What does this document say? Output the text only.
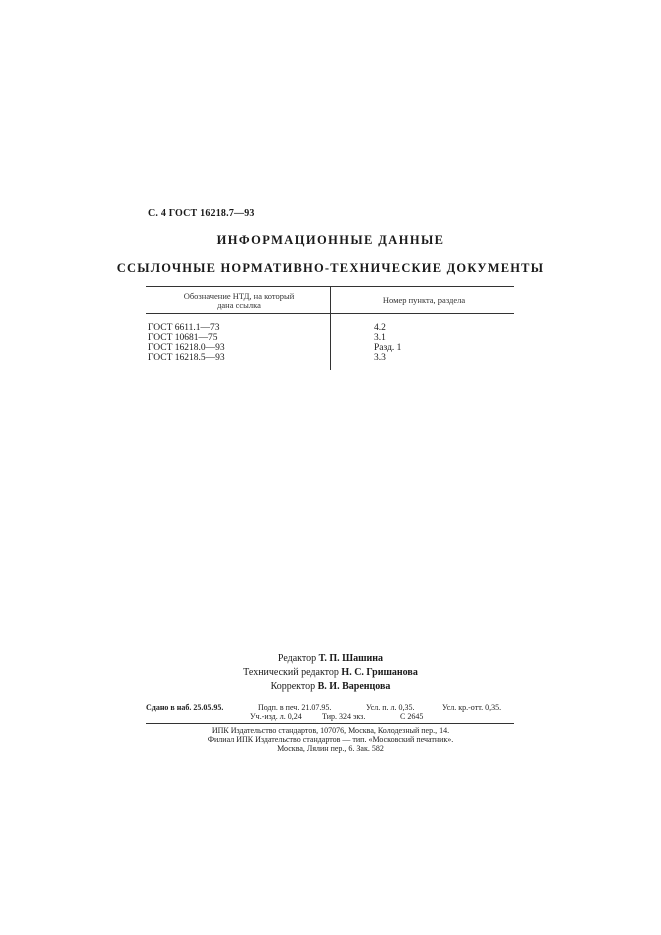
С. 4 ГОСТ 16218.7—93
ИНФОРМАЦИОННЫЕ ДАННЫЕ
ССЫЛОЧНЫЕ НОРМАТИВНО-ТЕХНИЧЕСКИЕ ДОКУМЕНТЫ
Обозначение НТД, на который
дана ссылка	Номер пункта, раздела
ГОСТ 6611.1—73	4.2
ГОСТ 10681—75	3.1
ГОСТ 16218.0—93	Разд. 1
ГОСТ 16218.5—93	3.3
Редактор Т. П. Шашина
Технический редактор Н. С. Гришанова
Корректор В. И. Варенцова
Сдано в наб. 25.05.95.	Подп. в печ. 21.07.95.	Усл. п. л. 0,35.	Усл. кр.-отт. 0,35.
Уч.-изд. л. 0,24	Тир. 324 экз.	С 2645
ИПК Издательство стандартов, 107076, Москва, Колодезный пер., 14.
Филиал ИПК Издательство стандартов — тип. «Московский печатник».
Москва, Лялин пер., 6. Зак. 582
